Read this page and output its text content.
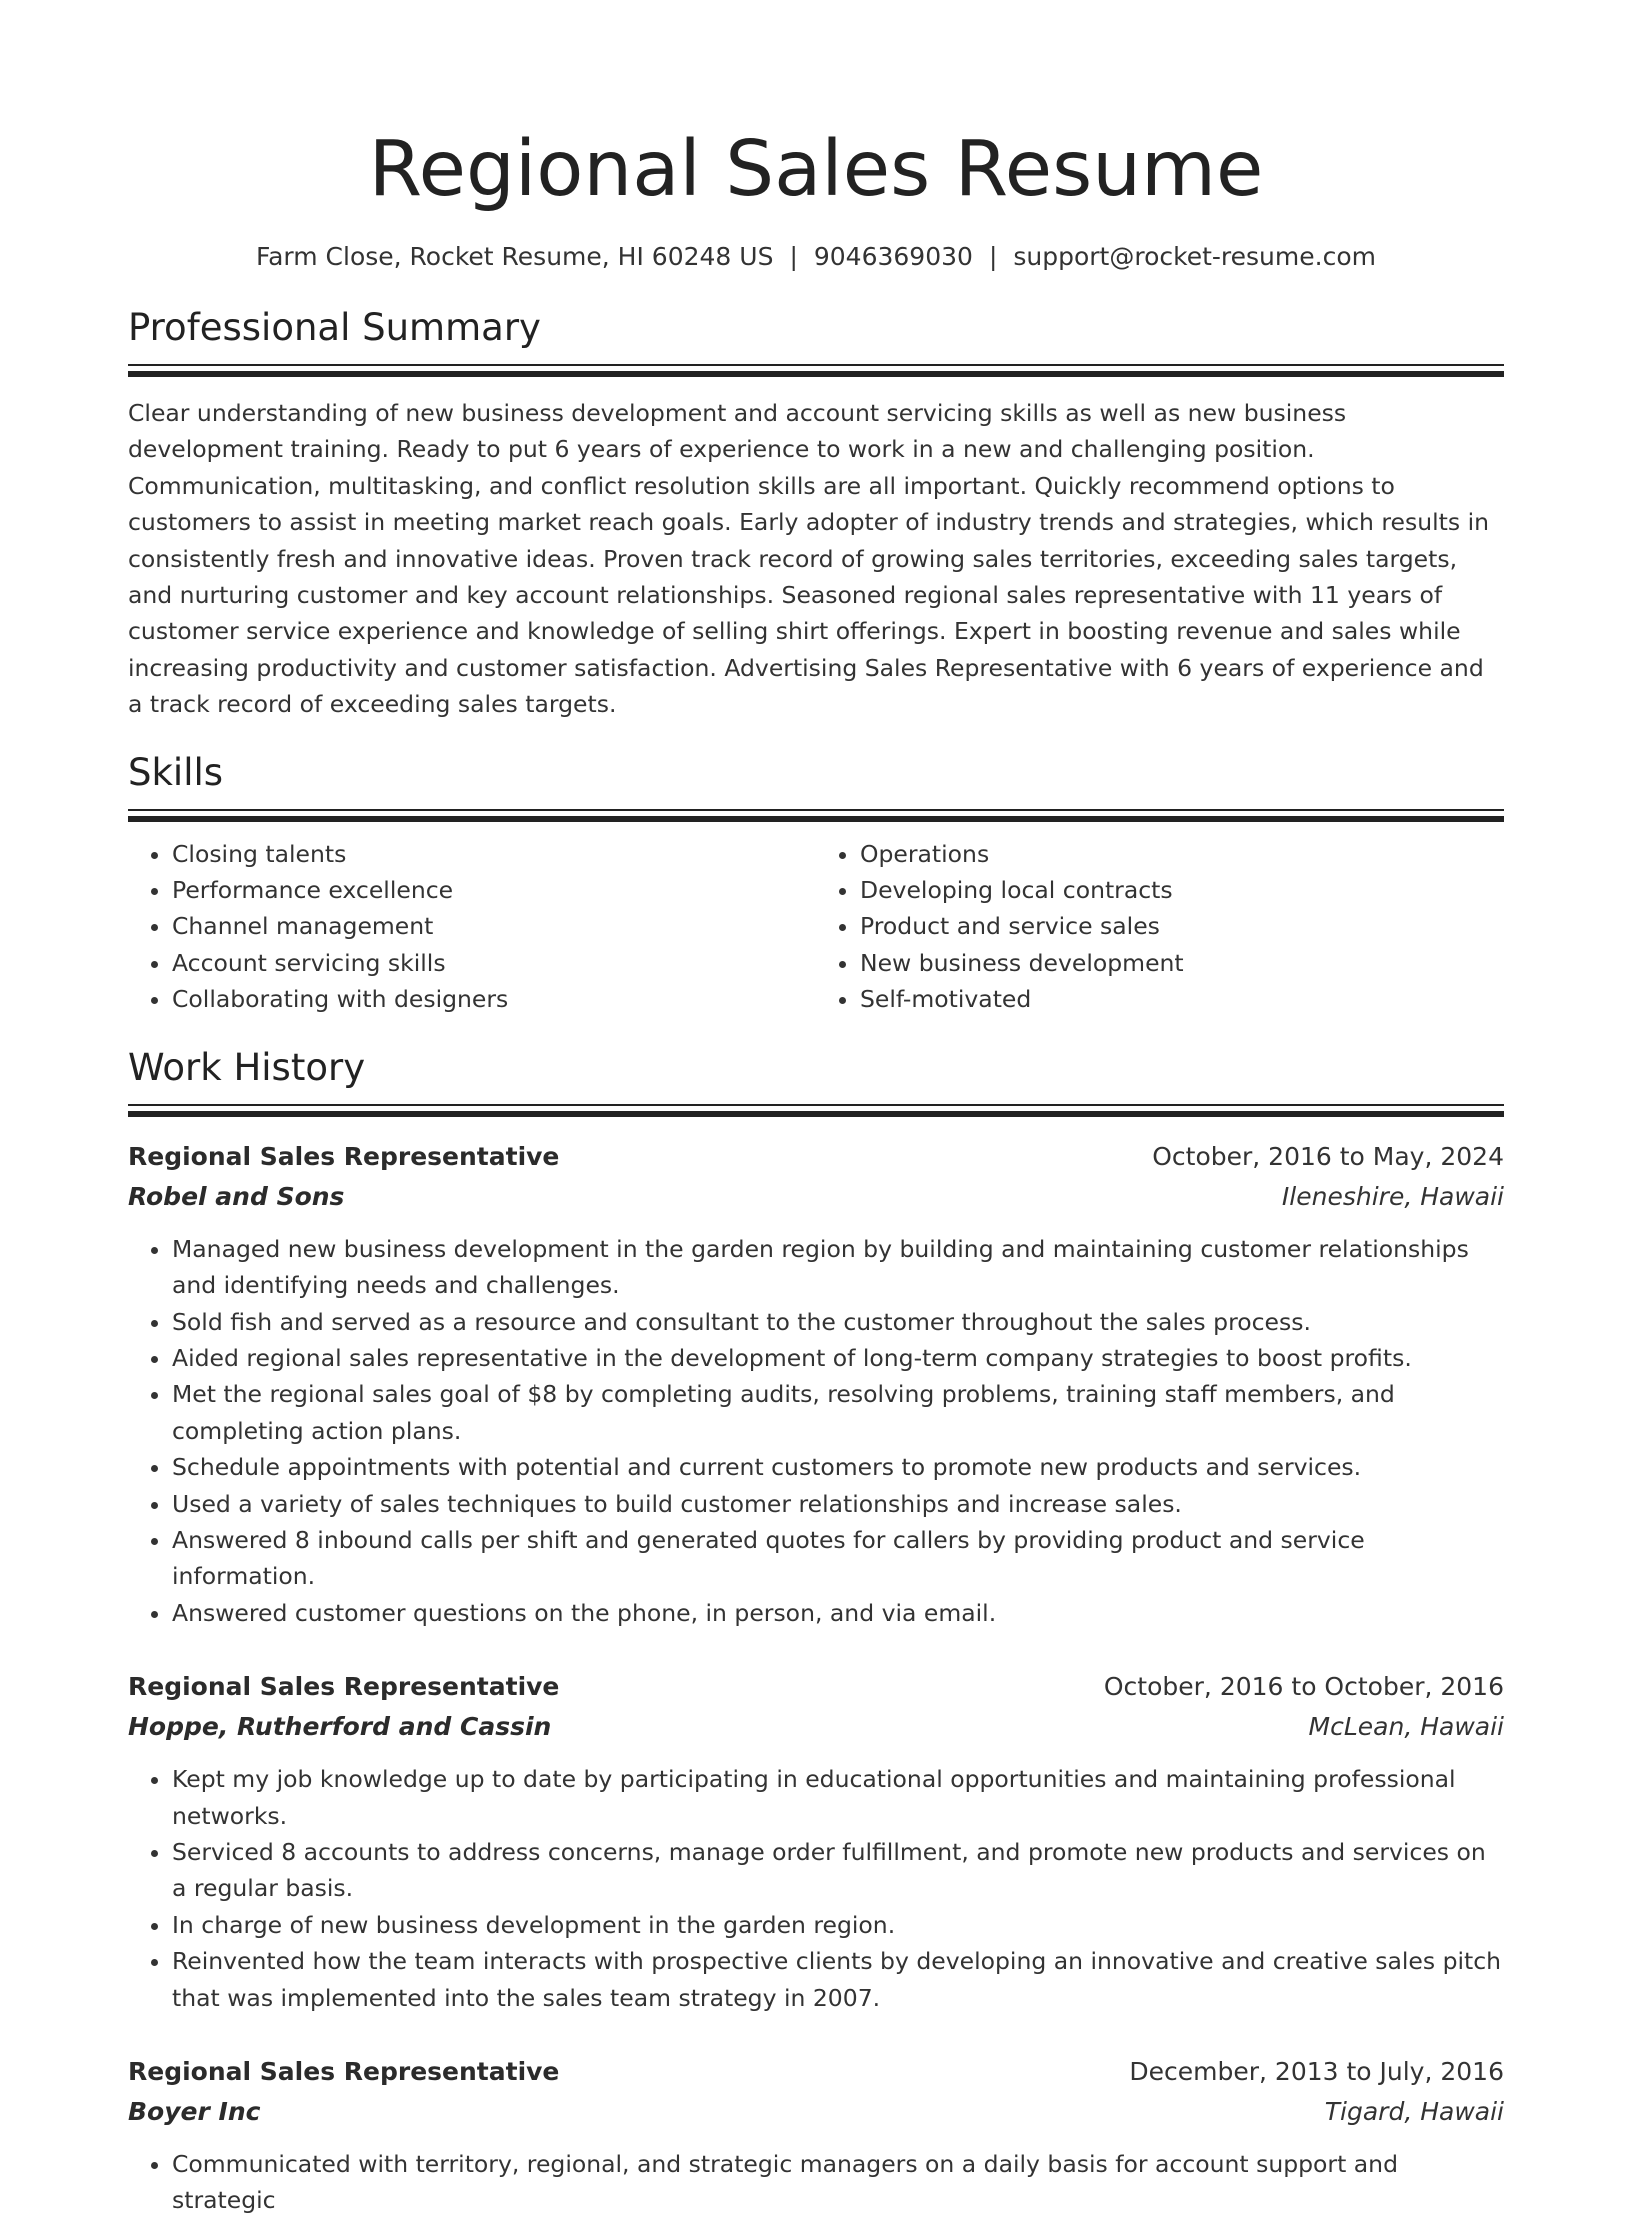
Regional Sales Resume
Farm Close, Rocket Resume, HI 60248 US | 9046369030 | support@rocket-resume.com
Professional Summary

Clear understanding of new business development and account servicing skills as well as new business development training. Ready to put 6 years of experience to work in a new and challenging position. Communication, multitasking, and conflict resolution skills are all important. Quickly recommend options to customers to assist in meeting market reach goals. Early adopter of industry trends and strategies, which results in consistently fresh and innovative ideas. Proven track record of growing sales territories, exceeding sales targets, and nurturing customer and key account relationships. Seasoned regional sales representative with 11 years of customer service experience and knowledge of selling shirt offerings. Expert in boosting revenue and sales while increasing productivity and customer satisfaction. Advertising Sales Representative with 6 years of experience and a track record of exceeding sales targets.

Skills
• Closing talents
• Performance excellence
• Channel management
• Account servicing skills
• Collaborating with designers
• Operations
• Developing local contracts
• Product and service sales
• New business development
• Self-motivated
Work History
Regional Sales Representative	October, 2016 to May, 2024
Robel and Sons	Ileneshire, Hawaii
• Managed new business development in the garden region by building and maintaining customer relationships and identifying needs and challenges.
• Sold fish and served as a resource and consultant to the customer throughout the sales process.
• Aided regional sales representative in the development of long-term company strategies to boost profits.
• Met the regional sales goal of $8 by completing audits, resolving problems, training staff members, and completing action plans.
• Schedule appointments with potential and current customers to promote new products and services.
• Used a variety of sales techniques to build customer relationships and increase sales.
• Answered 8 inbound calls per shift and generated quotes for callers by providing product and service information.
• Answered customer questions on the phone, in person, and via email.
Regional Sales Representative	October, 2016 to October, 2016
Hoppe, Rutherford and Cassin	McLean, Hawaii
• Kept my job knowledge up to date by participating in educational opportunities and maintaining professional networks.
• Serviced 8 accounts to address concerns, manage order fulfillment, and promote new products and services on a regular basis.
• In charge of new business development in the garden region.
• Reinvented how the team interacts with prospective clients by developing an innovative and creative sales pitch that was implemented into the sales team strategy in 2007.
Regional Sales Representative	December, 2013 to July, 2016
Boyer Inc	Tigard, Hawaii
• Communicated with territory, regional, and strategic managers on a daily basis for account support and strategic
